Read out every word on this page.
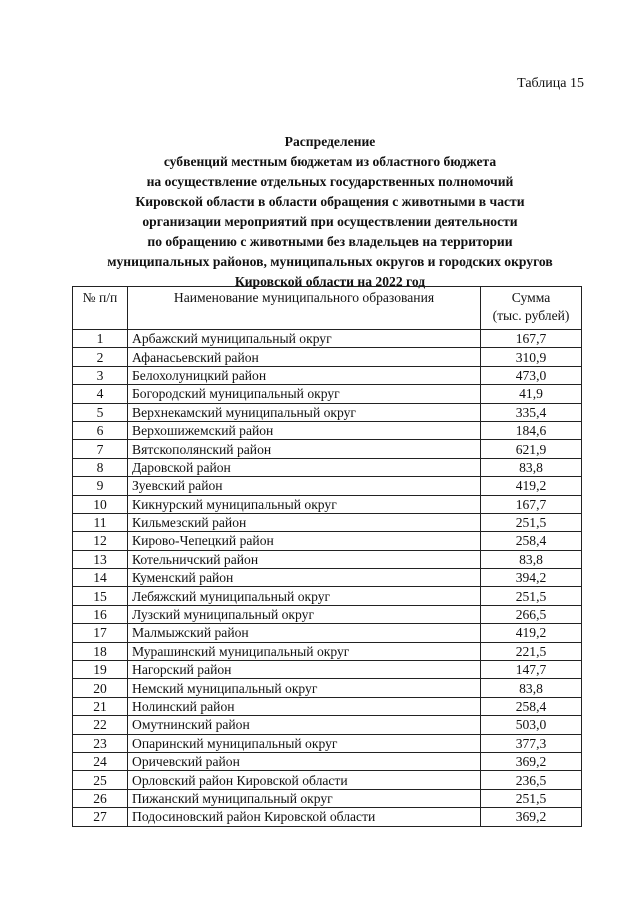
Таблица 15
Распределение
субвенций местным бюджетам из областного бюджета
на осуществление отдельных государственных полномочий
Кировской области в области обращения с животными в части
организации мероприятий при осуществлении деятельности
по обращению с животными без владельцев на территории
муниципальных районов, муниципальных округов и городских округов
Кировской области на 2022 год
№ п/п	Наименование муниципального образования	Сумма
(тыс. рублей)

1	Арбажский муниципальный округ	167,7
2	Афанасьевский район	310,9
3	Белохолуницкий район	473,0
4	Богородский муниципальный округ	41,9
5	Верхнекамский муниципальный округ	335,4
6	Верхошижемский район	184,6
7	Вятскополянский район	621,9
8	Даровской район	83,8
9	Зуевский район	419,2
10	Кикнурский муниципальный округ	167,7
11	Кильмезский район	251,5
12	Кирово-Чепецкий район	258,4
13	Котельничский район	83,8
14	Куменский район	394,2
15	Лебяжский муниципальный округ	251,5
16	Лузский муниципальный округ	266,5
17	Малмыжский район	419,2
18	Мурашинский муниципальный округ	221,5
19	Нагорский район	147,7
20	Немский муниципальный округ	83,8
21	Нолинский район	258,4
22	Омутнинский район	503,0
23	Опаринский муниципальный округ	377,3
24	Оричевский район	369,2
25	Орловский район Кировской области	236,5
26	Пижанский муниципальный округ	251,5
27	Подосиновский район Кировской области	369,2
